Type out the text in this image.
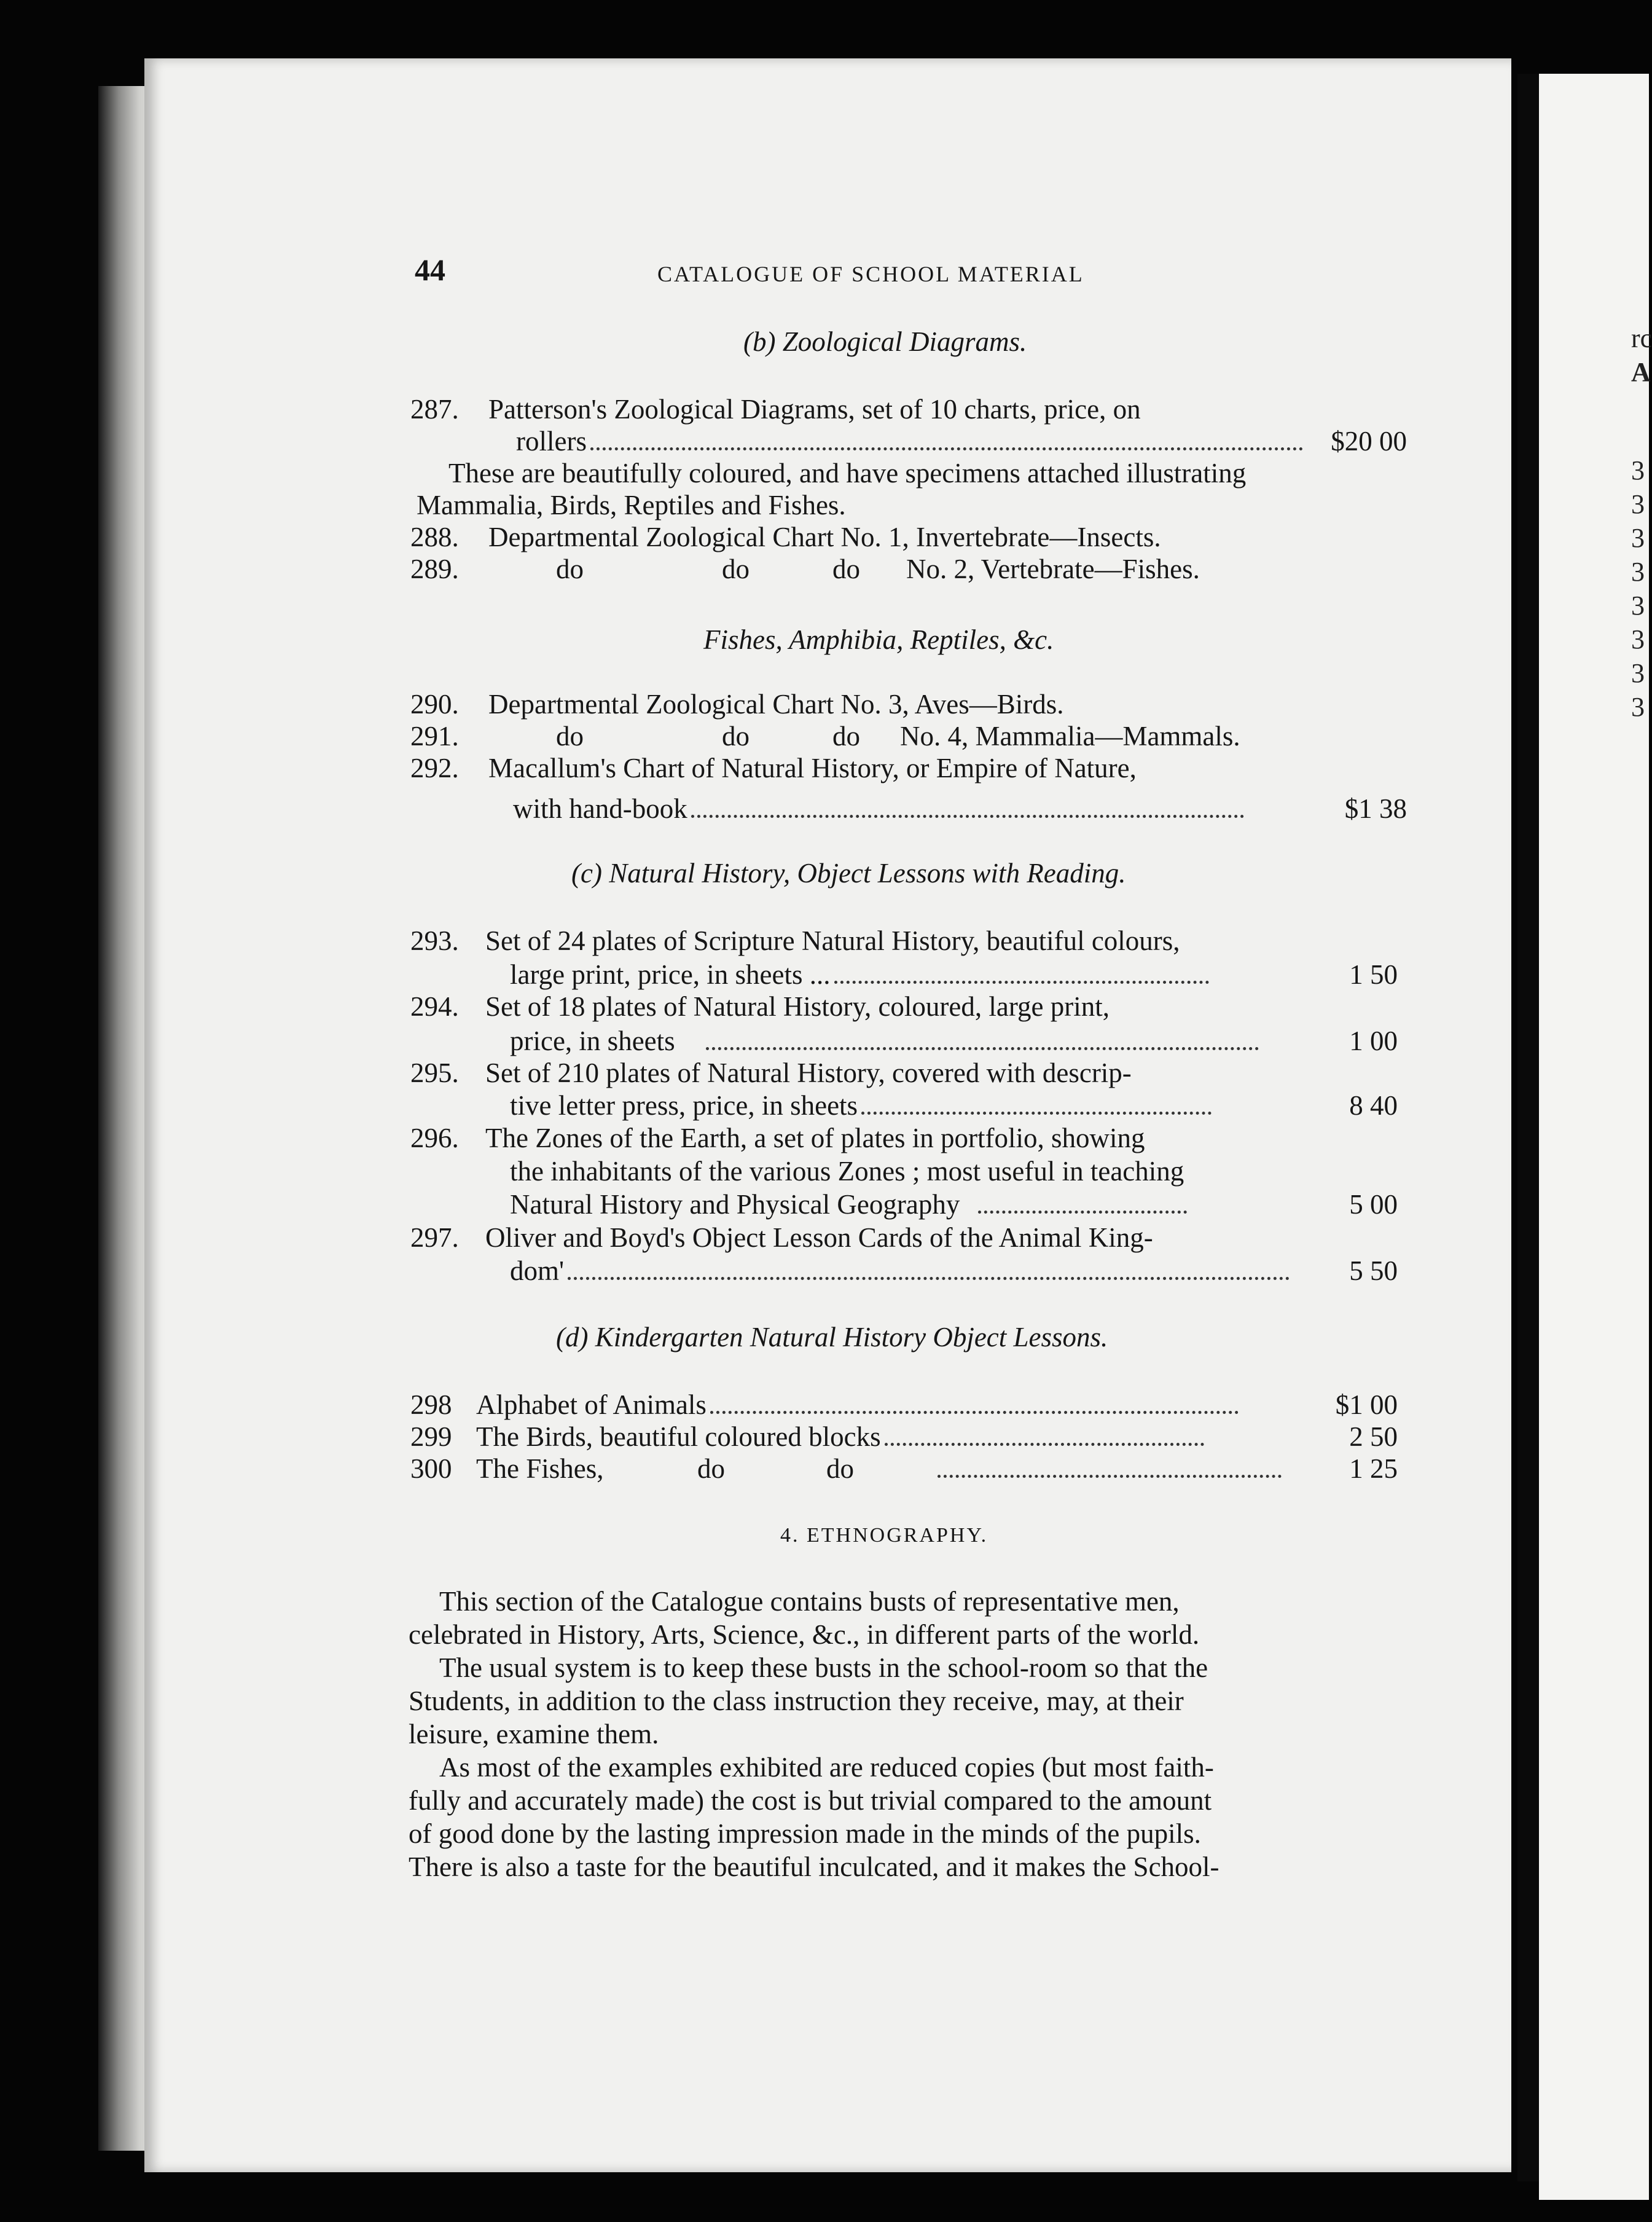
rc
A
3
3
3
3
3
3
3
3
44	CATALOGUE OF SCHOOL MATERIAL
(b) Zoological Diagrams.
287. Patterson's Zoological Diagrams, set of 10 charts, price, on
rollers	$20 00
These are beautifully coloured, and have specimens attached illustrating
Mammalia, Birds, Reptiles and Fishes.
288. Departmental Zoological Chart No. 1, Invertebrate—Insects.
289.	do	do	do No. 2, Vertebrate—Fishes.
Fishes, Amphibia, Reptiles, &c.
290. Departmental Zoological Chart No. 3, Aves—Birds.
291.	do	do	do No. 4, Mammalia—Mammals.
292. Macallum's Chart of Natural History, or Empire of Nature,
with hand-book	$1 38
(c) Natural History, Object Lessons with Reading.
293. Set of 24 plates of Scripture Natural History, beautiful colours,
large print, price, in sheets ...	1 50
294. Set of 18 plates of Natural History, coloured, large print,
price, in sheets	1 00
295. Set of 210 plates of Natural History, covered with descrip-
tive letter press, price, in sheets	8 40
296. The Zones of the Earth, a set of plates in portfolio, showing
the inhabitants of the various Zones ; most useful in teaching
Natural History and Physical Geography	5 00
297. Oliver and Boyd's Object Lesson Cards of the Animal King-
dom'	5 50
(d) Kindergarten Natural History Object Lessons.
298 Alphabet of Animals	$1 00
299 The Birds, beautiful coloured blocks	2 50
300 The Fishes,	do	do	1 25
4. ETHNOGRAPHY.
This section of the Catalogue contains busts of representative men,
celebrated in History, Arts, Science, &c., in different parts of the world.
The usual system is to keep these busts in the school-room so that the
Students, in addition to the class instruction they receive, may, at their
leisure, examine them.
As most of the examples exhibited are reduced copies (but most faith-
fully and accurately made) the cost is but trivial compared to the amount
of good done by the lasting impression made in the minds of the pupils.
There is also a taste for the beautiful inculcated, and it makes the School-
